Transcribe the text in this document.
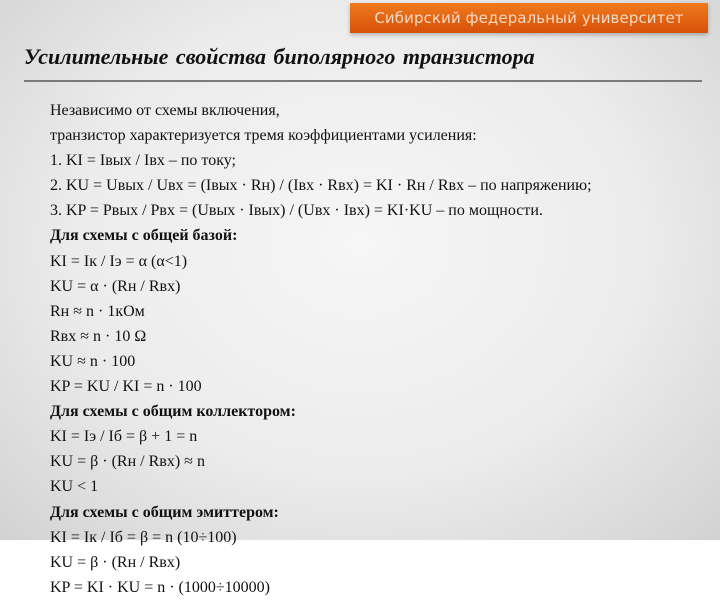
Сибирский федеральный университет
Усилительные свойства биполярного транзистора
Независимо от схемы включения,
транзистор характеризуется тремя коэффициентами усиления:
1. KI = Iвых / Iвх – по току;
2. KU = Uвых / Uвх = (Iвых · Rн) / (Iвх · Rвх) = KI · Rн / Rвх – по напряжению;
3. KP = Pвых / Pвх = (Uвых · Iвых) / (Uвх · Iвх) = KI·KU – по мощности.
Для схемы с общей базой:
KI = Iк / Iэ = α (α<1)
KU = α · (Rн / Rвх)
Rн ≈ n · 1кОм
Rвх ≈ n · 10 Ω
KU ≈ n · 100
KP = KU / KI = n · 100
Для схемы с общим коллектором:
KI = Iэ / Iб = β + 1 = n
KU = β · (Rн / Rвх) ≈ n
KU < 1
Для схемы с общим эмиттером:
KI = Iк / Iб = β = n (10÷100)
KU = β · (Rн / Rвх)
KP = KI · KU = n · (1000÷10000)
